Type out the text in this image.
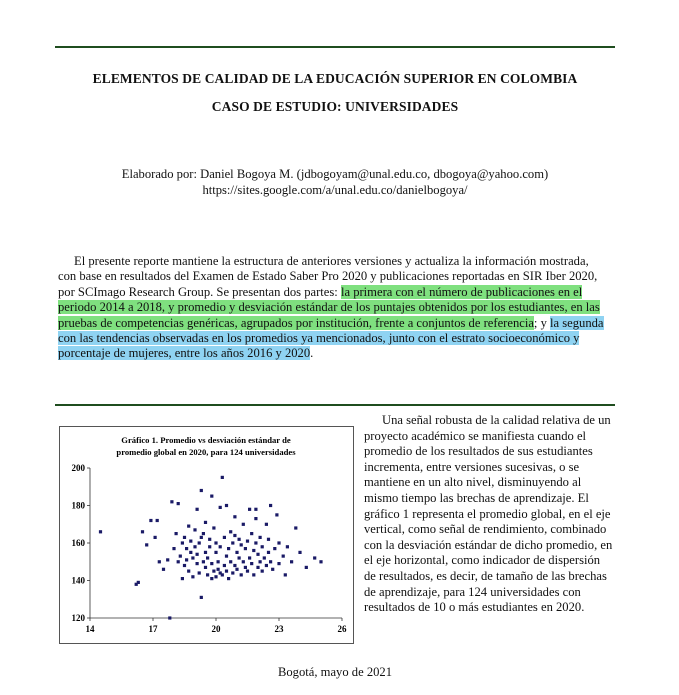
ELEMENTOS DE CALIDAD DE LA EDUCACIÓN SUPERIOR EN COLOMBIA
CASO DE ESTUDIO: UNIVERSIDADES
Elaborado por: Daniel Bogoya M. (jdbogoyam@unal.edu.co, dbogoya@yahoo.com)
https://sites.google.com/a/unal.edu.co/danielbogoya/
El presente reporte mantiene la estructura de anteriores versiones y actualiza la información mostrada, con base en resultados del Examen de Estado Saber Pro 2020 y publicaciones reportadas en SIR Iber 2020, por SCImago Research Group. Se presentan dos partes: la primera con el número de publicaciones en el periodo 2014 a 2018, y promedio y desviación estándar de los puntajes obtenidos por los estudiantes, en las pruebas de competencias genéricas, agrupados por institución, frente a conjuntos de referencia; y la segunda con las tendencias observadas en los promedios ya mencionados, junto con el estrato socioeconómico y porcentaje de mujeres, entre los años 2016 y 2020.
Gráfico 1. Promedio vs desviación estándar de
promedio global en 2020, para 124 universidades
120
140
160
180
200
14	17	20	23	26
Una señal robusta de la calidad relativa de un proyecto académico se manifiesta cuando el promedio de los resultados de sus estudiantes incrementa, entre versiones sucesivas, o se mantiene en un alto nivel, disminuyendo al mismo tiempo las brechas de aprendizaje. El gráfico 1 representa el promedio global, en el eje vertical, como señal de rendimiento, combinado con la desviación estándar de dicho promedio, en el eje horizontal, como indicador de dispersión de resultados, es decir, de tamaño de las brechas de aprendizaje, para 124 universidades con resultados de 10 o más estudiantes en 2020.
Bogotá, mayo de 2021
